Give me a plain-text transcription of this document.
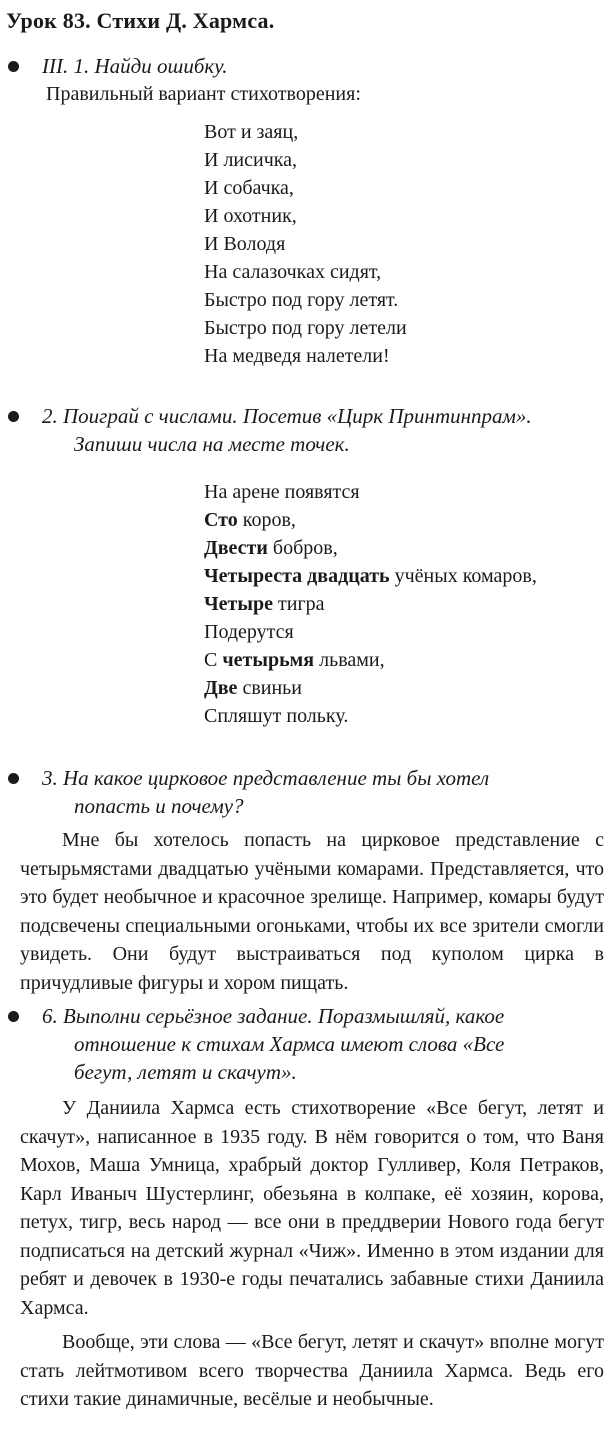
Урок 83. Стихи Д. Хармса.
III. 1. Найди ошибку.
Правильный вариант стихотворения:
Вот и заяц,
И лисичка,
И собачка,
И охотник,
И Володя
На салазочках сидят,
Быстро под гору летят.
Быстро под гору летели
На медведя налетели!
2. Поиграй с числами. Посетив «Цирк Принтинпрам».
Запиши числа на месте точек.
На арене появятся
Сто коров,
Двести бобров,
Четыреста двадцать учёных комаров,
Четыре тигра
Подерутся
С четырьмя львами,
Две свиньи
Спляшут польку.
3. На какое цирковое представление ты бы хотел
попасть и почему?

Мне бы хотелось попасть на цирковое представление с четырьмястами двадцатью учёными комарами. Представляется, что это будет необычное и красочное зрелище. Например, комары будут подсвечены специальными огоньками, чтобы их все зрители смогли увидеть. Они будут выстраиваться под куполом цирка в причудливые фигуры и хором пищать.

6. Выполни серьёзное задание. Поразмышляй, какое
отношение к стихам Хармса имеют слова «Все
бегут, летят и скачут».

У Даниила Хармса есть стихотворение «Все бегут, летят и скачут», написанное в 1935 году. В нём говорится о том, что Ваня Мохов, Маша Умница, храбрый доктор Гулливер, Коля Петраков, Карл Иваныч Шустерлинг, обезьяна в колпаке, её хозяин, корова, петух, тигр, весь народ — все они в преддверии Нового года бегут подписаться на детский журнал «Чиж». Именно в этом издании для ребят и девочек в 1930-е годы печатались забавные стихи Даниила Хармса.

Вообще, эти слова — «Все бегут, летят и скачут» вполне могут стать лейтмотивом всего творчества Даниила Хармса. Ведь его стихи такие динамичные, весёлые и необычные.
